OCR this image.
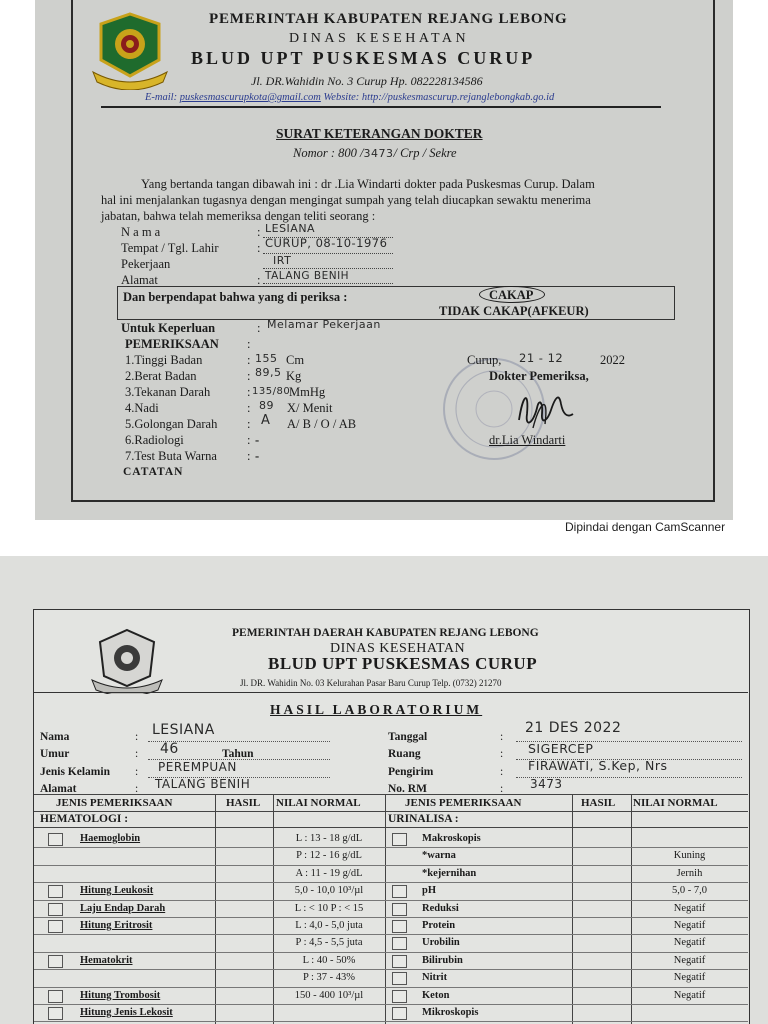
PEMERINTAH KABUPATEN REJANG LEBONG
DINAS KESEHATAN
BLUD UPT PUSKESMAS CURUP
Jl. DR.Wahidin No. 3 Curup Hp. 082228134586
E-mail: puskesmascurupkota@gmail.com Website: http://puskesmascurup.rejanglebongkab.go.id
SURAT KETERANGAN DOKTER
Nomor : 800 /3473/ Crp / Sekre
Yang bertanda tangan dibawah ini : dr .Lia Windarti dokter pada Puskesmas Curup. Dalam
hal ini menjalankan tugasnya dengan mengingat sumpah yang telah diucapkan sewaktu menerima
jabatan, bahwa telah memeriksa dengan teliti seorang :
N a m a	: LESIANA
Tempat / Tgl. Lahir	: CURUP, 08-10-1976
Pekerjaan	IRT
Alamat	: TALANG BENIH
Dan berpendapat bahwa yang di periksa :	CAKAP
TIDAK CAKAP(AFKEUR)
Untuk Keperluan	: Melamar Pekerjaan
PEMERIKSAAN :
1.Tinggi Badan	: 155 Cm
2.Berat Badan	: 89,5 Kg
3.Tekanan Darah	: 135/80
MmHg
4.Nadi	: 89 X/ Menit
5.Golongan Darah : A A/ B / O / AB
6.Radiologi	: -
7.Test Buta Warna : -
CATATAN
Curup, 21 - 12	2022
Dokter Pemeriksa,
dr.Lia Windarti
Dipindai dengan CamScanner
PEMERINTAH DAERAH KABUPATEN REJANG LEBONG
DINAS KESEHATAN
BLUD UPT PUSKESMAS CURUP
Jl. DR. Wahidin No. 03 Kelurahan Pasar Baru Curup Telp. (0732) 21270
HASIL LABORATORIUM
Nama	: LESIANA
Umur	: 46	Tahun
Jenis Kelamin : PEREMPUAN
Alamat	: TALANG BENIH
Tanggal	:
21 DES 2022
Ruang	: SIGERCEP
Pengirim	: FIRAWATI, S.Kep, Nrs
No. RM	: 3473
JENIS PEMERIKSAAN	HASIL NILAI NORMAL	JENIS PEMERIKSAAN	HASIL NILAI NORMAL
HEMATOLOGI :	URINALISA :
Haemoglobin	L : 13 - 18 g/dL
P : 12 - 16 g/dL
A : 11 - 19 g/dL
Hitung Leukosit	5,0 - 10,0 10³/µl
Laju Endap Darah	L : < 10 P : < 15
Hitung Eritrosit	L : 4,0 - 5,0 juta
P : 4,5 - 5,5 juta
Hematokrit	L : 40 - 50%
P : 37 - 43%
Hitung Trombosit	150 - 400 10³/µl
Hitung Jenis Lekosit
Makroskopis
*warna	Kuning
*kejernihan	Jernih
pH	5,0 - 7,0
Reduksi	Negatif
Protein	Negatif
Urobilin	Negatif
Bilirubin	Negatif
Nitrit	Negatif
Keton	Negatif
Mikroskopis
